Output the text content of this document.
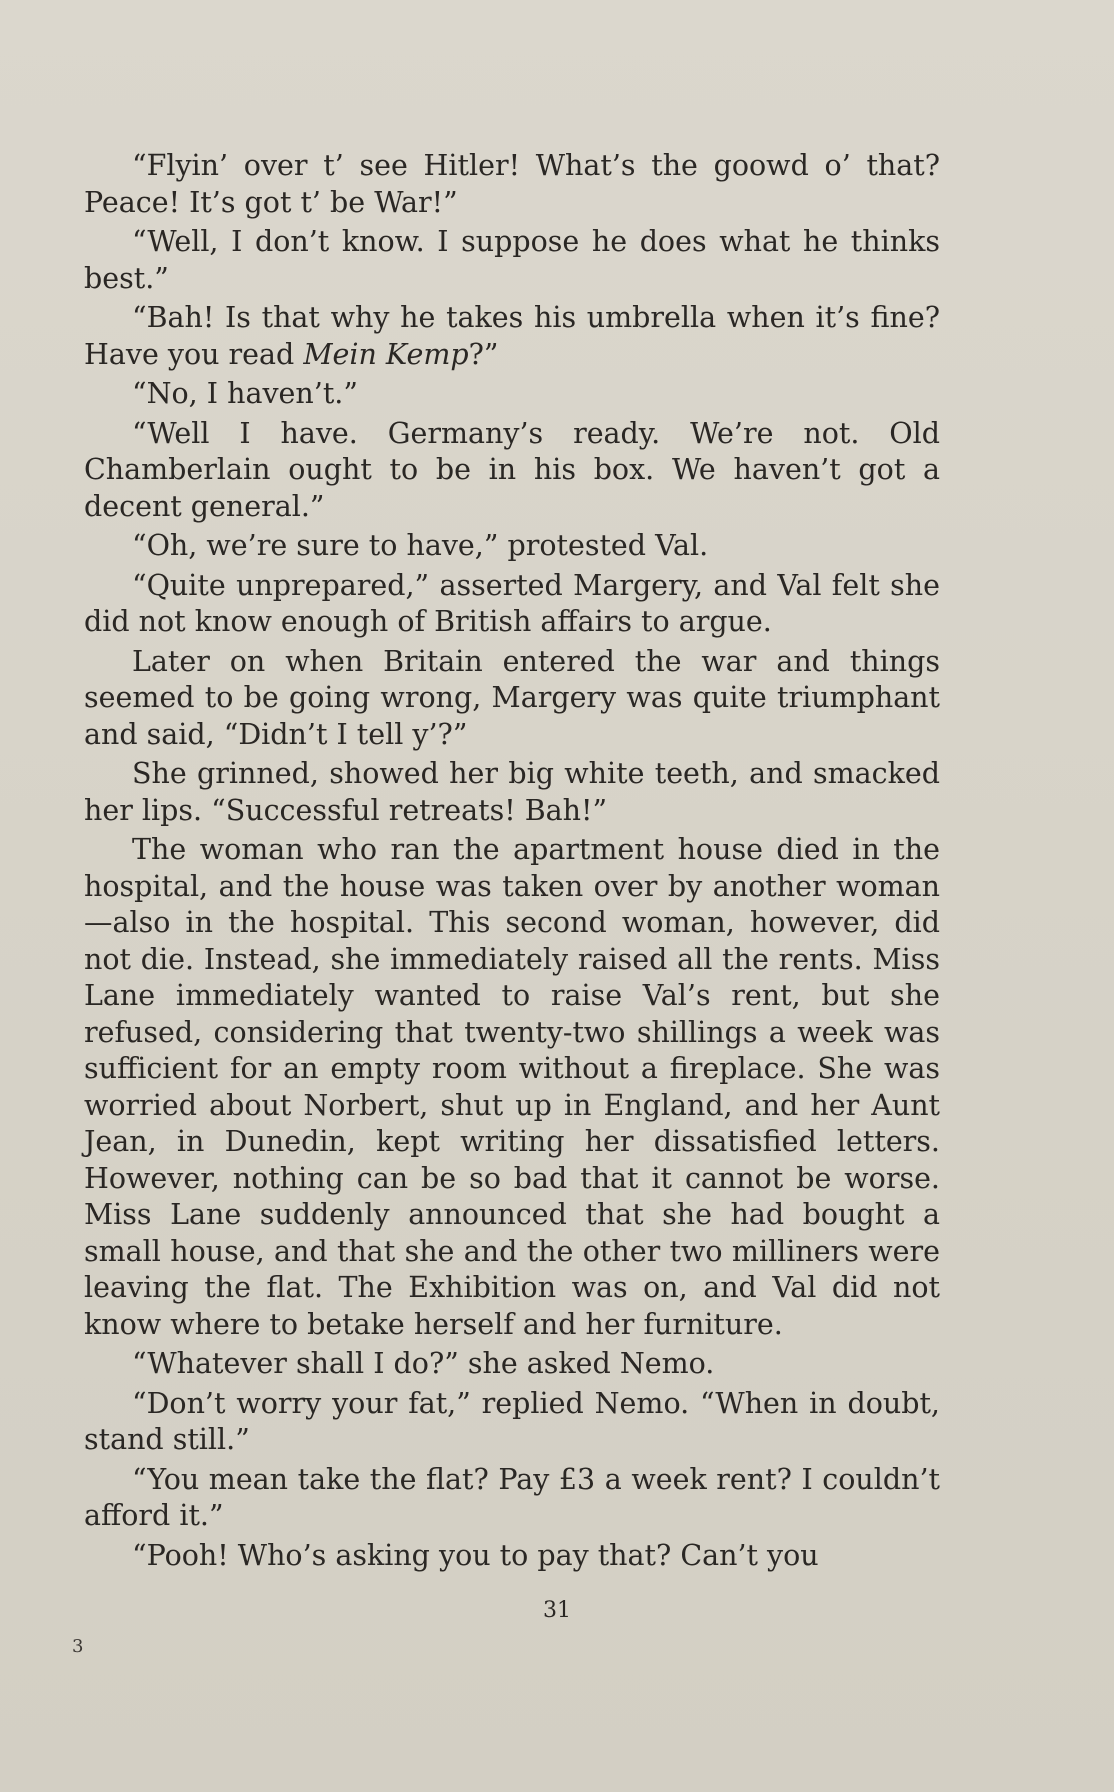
“Flyin’ over t’ see Hitler! What’s the goowd o’ that? Peace! It’s got t’ be War!”

“Well, I don’t know. I suppose he does what he thinks best.”

“Bah! Is that why he takes his umbrella when it’s fine? Have you read Mein Kemp?”

“No, I haven’t.”

“Well I have. Germany’s ready. We’re not. Old Chamberlain ought to be in his box. We haven’t got a decent general.”

“Oh, we’re sure to have,” protested Val.

“Quite unprepared,” asserted Margery, and Val felt she did not know enough of British affairs to argue.

Later on when Britain entered the war and things seemed to be going wrong, Margery was quite triumphant and said, “Didn’t I tell y’?”

She grinned, showed her big white teeth, and smacked her lips. “Successful retreats! Bah!”

The woman who ran the apartment house died in the hospital, and the house was taken over by another woman —also in the hospital. This second woman, however, did not die. Instead, she immediately raised all the rents. Miss Lane immediately wanted to raise Val’s rent, but she refused, considering that twenty-two shillings a week was sufficient for an empty room without a fireplace. She was worried about Norbert, shut up in England, and her Aunt Jean, in Dunedin, kept writing her dissatisfied letters. However, nothing can be so bad that it cannot be worse. Miss Lane suddenly announced that she had bought a small house, and that she and the other two milliners were leaving the flat. The Exhibition was on, and Val did not know where to betake herself and her furniture.

“Whatever shall I do?” she asked Nemo.

“Don’t worry your fat,” replied Nemo. “When in doubt, stand still.”

“You mean take the flat? Pay £3 a week rent? I couldn’t afford it.”

“Pooh! Who’s asking you to pay that? Can’t you

31
3
